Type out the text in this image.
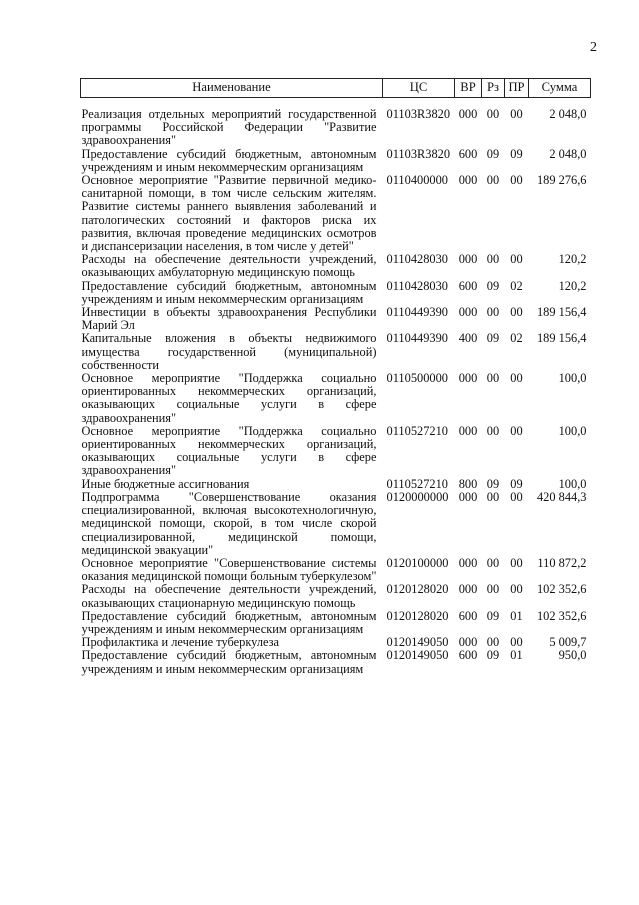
2
Наименование	ЦС	ВР	Рз	ПР	Сумма

Реализация отдельных мероприятий государственной программы Российской Федерации "Развитие здравоохранения"	01103R3820	000	00	00	2 048,0
Предоставление субсидий бюджетным, автономным учреждениям и иным некоммерческим организациям	01103R3820	600	09	09	2 048,0
Основное мероприятие "Развитие первичной медико-санитарной помощи, в том числе сельским жителям. Развитие системы раннего выявления заболеваний и патологических состояний и факторов риска их развития, включая проведение медицинских осмотров и диспансеризации населения, в том числе у детей"	0110400000	000	00	00	189 276,6
Расходы на обеспечение деятельности учреждений, оказывающих амбулаторную медицинскую помощь	0110428030	000	00	00	120,2
Предоставление субсидий бюджетным, автономным учреждениям и иным некоммерческим организациям	0110428030	600	09	02	120,2
Инвестиции в объекты здравоохранения Республики Марий Эл	0110449390	000	00	00	189 156,4
Капитальные вложения в объекты недвижимого имущества государственной (муниципальной) собственности	0110449390	400	09	02	189 156,4
Основное мероприятие "Поддержка социально ориентированных некоммерческих организаций, оказывающих социальные услуги в сфере здравоохранения"	0110500000	000	00	00	100,0
Основное мероприятие "Поддержка социально ориентированных некоммерческих организаций, оказывающих социальные услуги в сфере здравоохранения"	0110527210	000	00	00	100,0
Иные бюджетные ассигнования	0110527210	800	09	09	100,0
Подпрограмма "Совершенствование оказания специализированной, включая высокотехнологичную, медицинской помощи, скорой, в том числе скорой специализированной, медицинской помощи, медицинской эвакуации"	0120000000	000	00	00	420 844,3
Основное мероприятие "Совершенствование системы оказания медицинской помощи больным туберкулезом"	0120100000	000	00	00	110 872,2
Расходы на обеспечение деятельности учреждений, оказывающих стационарную медицинскую помощь	0120128020	000	00	00	102 352,6
Предоставление субсидий бюджетным, автономным учреждениям и иным некоммерческим организациям	0120128020	600	09	01	102 352,6
Профилактика и лечение туберкулеза	0120149050	000	00	00	5 009,7
Предоставление субсидий бюджетным, автономным учреждениям и иным некоммерческим организациям	0120149050	600	09	01	950,0
